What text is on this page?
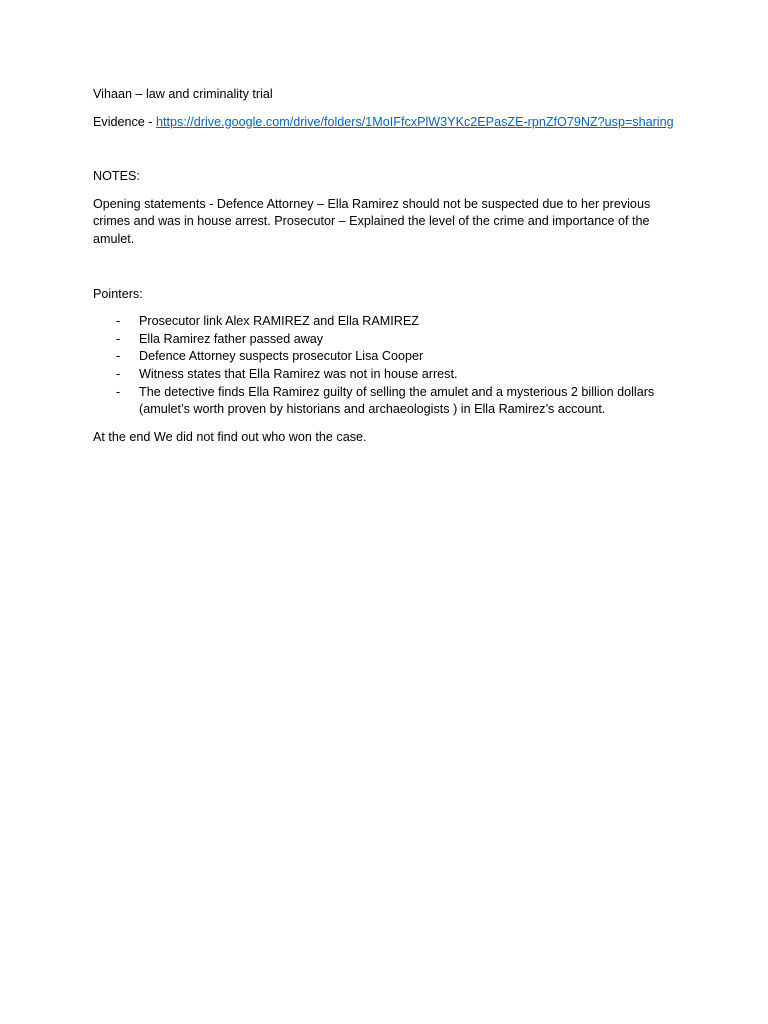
Vihaan – law and criminality trial

Evidence - https://drive.google.com/drive/folders/1MoIFfcxPlW3YKc2EPasZE-rpnZfO79NZ?usp=sharing

NOTES:

Opening statements - Defence Attorney – Ella Ramirez should not be suspected due to her previous crimes and was in house arrest. Prosecutor – Explained the level of the crime and importance of the amulet.

Pointers:

- Prosecutor link Alex RAMIREZ and Ella RAMIREZ
- Ella Ramirez father passed away
- Defence Attorney suspects prosecutor Lisa Cooper
- Witness states that Ella Ramirez was not in house arrest.
- The detective finds Ella Ramirez guilty of selling the amulet and a mysterious 2 billion dollars (amulet’s worth proven by historians and archaeologists ) in Ella Ramirez’s account.

At the end We did not find out who won the case.
